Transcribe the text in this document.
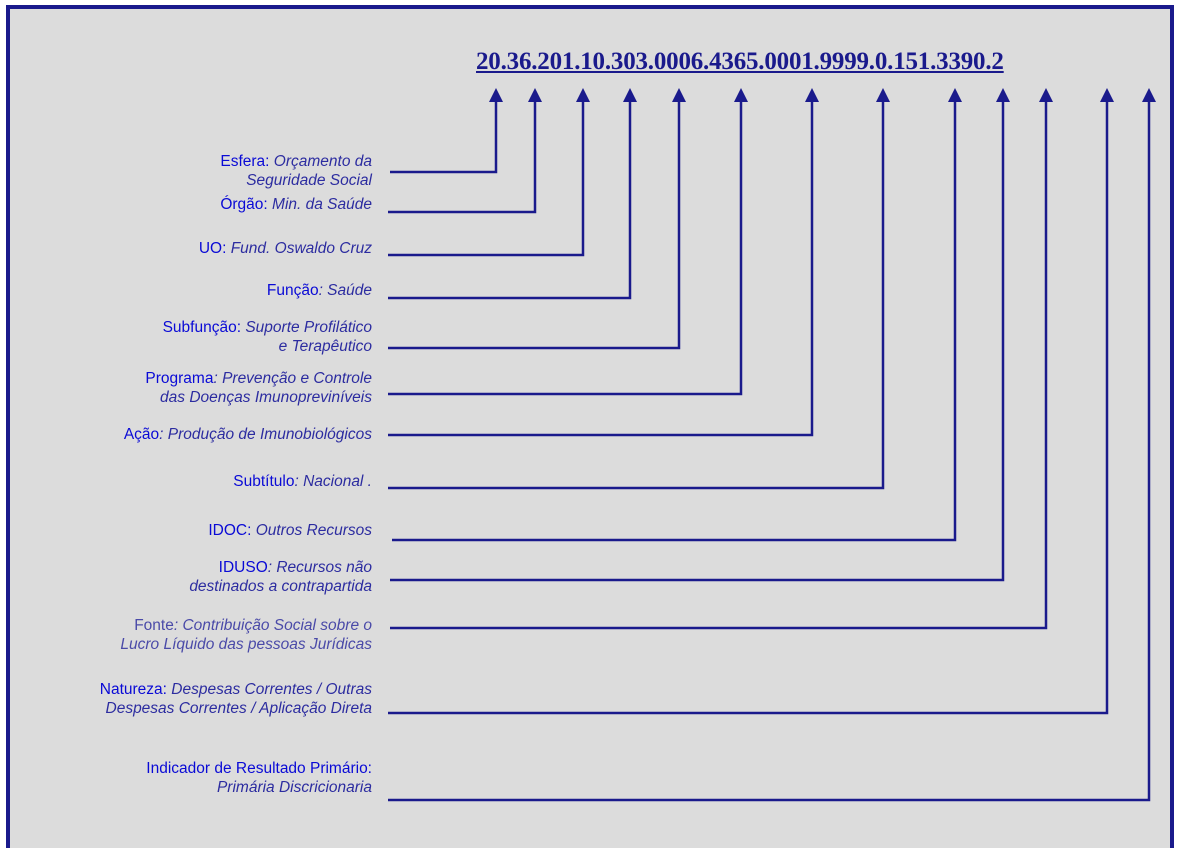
20.36.201.10.303.0006.4365.0001.9999.0.151.3390.2

Esfera: Orçamento da
Seguridade Social
Órgão: Min. da Saúde
UO: Fund. Oswaldo Cruz
Função: Saúde
Subfunção: Suporte Profilático
e Terapêutico
Programa: Prevenção e Controle
das Doenças Imunopreviníveis
Ação: Produção de Imunobiológicos
Subtítulo: Nacional .
IDOC: Outros Recursos
IDUSO: Recursos não
destinados a contrapartida
Fonte: Contribuição Social sobre o
Lucro Líquido das pessoas Jurídicas
Natureza: Despesas Correntes / Outras
Despesas Correntes / Aplicação Direta
Indicador de Resultado Primário:
Primária Discricionaria
